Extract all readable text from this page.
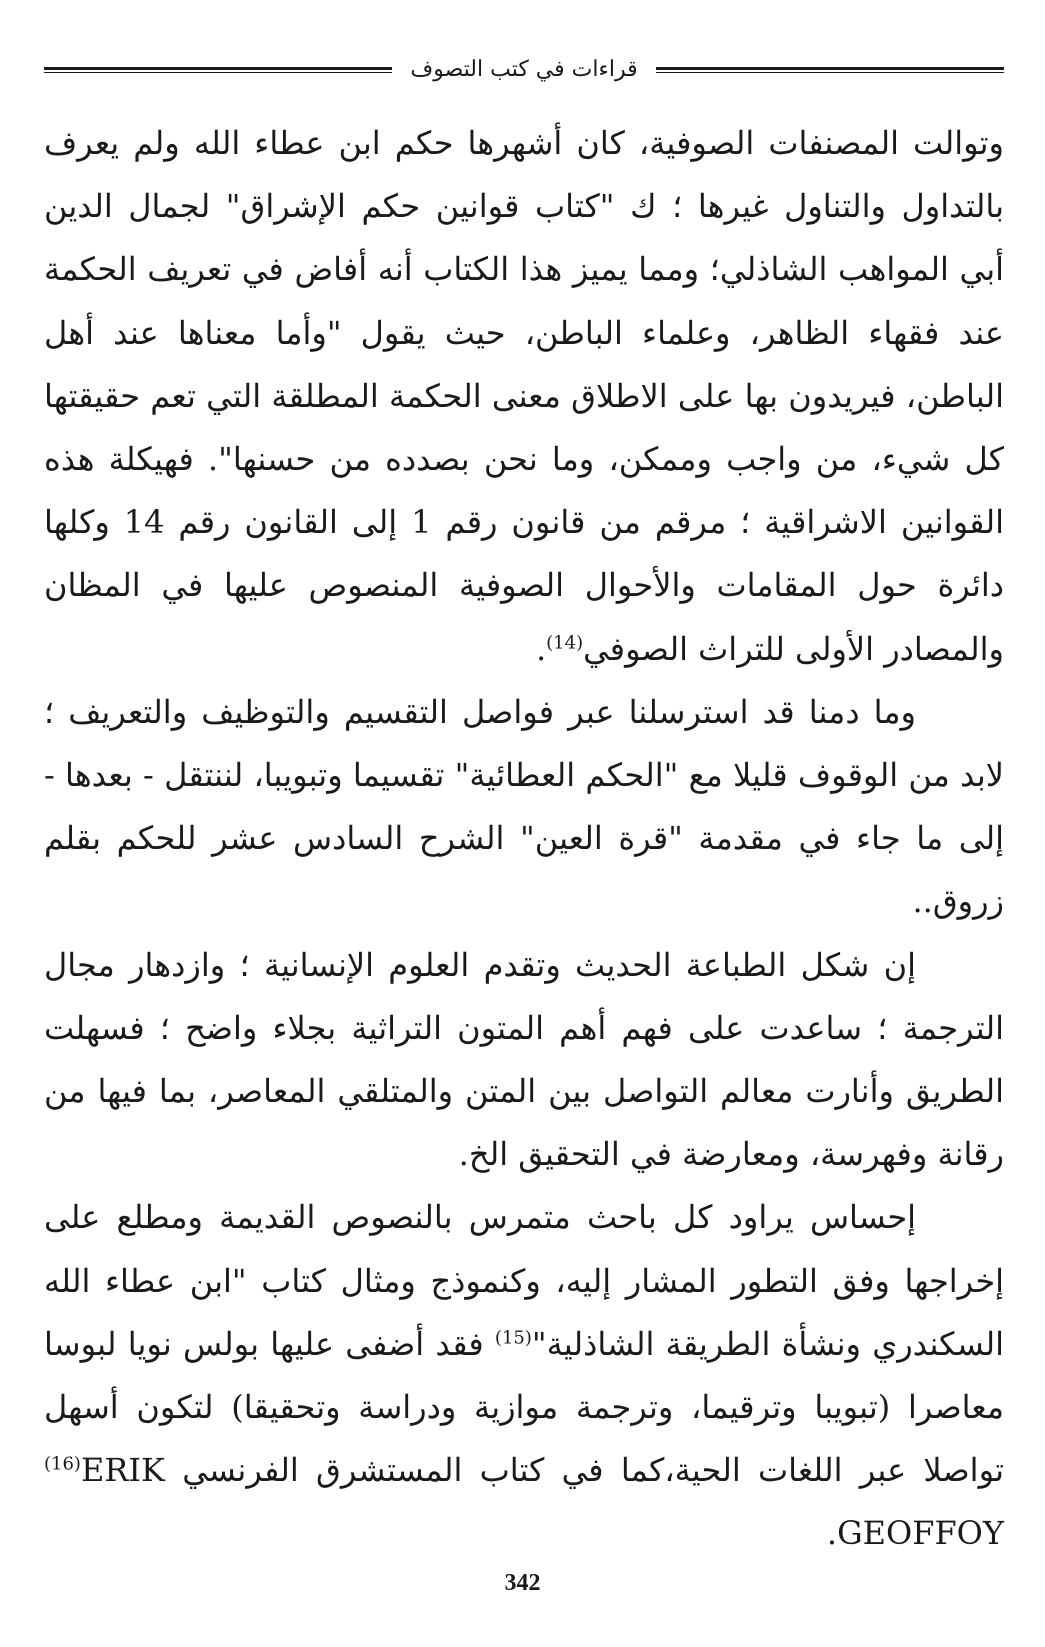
قراءات في كتب التصوف

وتوالت المصنفات الصوفية، كان أشهرها حكم ابن عطاء الله ولم يعرف بالتداول والتناول غيرها ؛ ك "كتاب قوانين حكم الإشراق" لجمال الدين أبي المواهب الشاذلي؛ ومما يميز هذا الكتاب أنه أفاض في تعريف الحكمة عند فقهاء الظاهر، وعلماء الباطن، حيث يقول "وأما معناها عند أهل الباطن، فيريدون بها على الاطلاق معنى الحكمة المطلقة التي تعم حقيقتها كل شيء، من واجب وممكن، وما نحن بصدده من حسنها". فهيكلة هذه القوانين الاشراقية ؛ مرقم من قانون رقم 1 إلى القانون رقم 14 وكلها دائرة حول المقامات والأحوال الصوفية المنصوص عليها في المظان والمصادر الأولى للتراث الصوفي$^{(14)}$.

وما دمنا قد استرسلنا عبر فواصل التقسيم والتوظيف والتعريف ؛ لابد من الوقوف قليلا مع "الحكم العطائية" تقسيما وتبويبا، لننتقل - بعدها - إلى ما جاء في مقدمة "قرة العين" الشرح السادس عشر للحكم بقلم زروق..

إن شكل الطباعة الحديث وتقدم العلوم الإنسانية ؛ وازدهار مجال الترجمة ؛ ساعدت على فهم أهم المتون التراثية بجلاء واضح ؛ فسهلت الطريق وأنارت معالم التواصل بين المتن والمتلقي المعاصر، بما فيها من رقانة وفهرسة، ومعارضة في التحقيق الخ.

إحساس يراود كل باحث متمرس بالنصوص القديمة ومطلع على إخراجها وفق التطور المشار إليه، وكنموذج ومثال كتاب "ابن عطاء الله السكندري ونشأة الطريقة الشاذلية"$^{(15)}$ فقد أضفى عليها بولس نويا لبوسا معاصرا (تبويبا وترقيما، وترجمة موازية ودراسة وتحقيقا) لتكون أسهل تواصلا عبر اللغات الحية،كما في كتاب المستشرق الفرنسي $^{(16)}$ERIK GEOFFOY.

342
